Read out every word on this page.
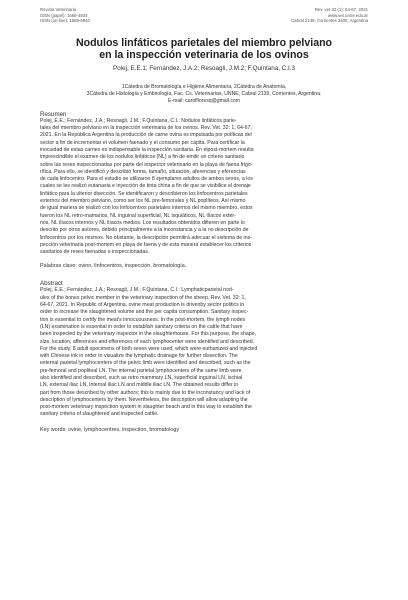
Revista Veterinaria
ISSN (papel): 1668-4834
ISSN (on-line): 1669-6840
Rev. vet 32 (1): 64-67, 2021
www.vet.unne.edu.ar
Cabral 2139, Corrientes 3400, Argentina
Nodulos linfáticos parietales del miembro pelviano
en la inspección veterinaria de los ovinos
Polej, E.E.1; Fernández, J.A.2; Resoagli, J.M.2; F.Quintana, C.I.3
1Cátedra de Bromatología e Higiene Alimentaria, 2Cátedra de Anatomía,
3Cátedra de Histología y Embriología, Fac. Cs. Veterinarias, UNNE, Cabral 2139, Corrientes, Argentina.
E-mail: carolfloresq@gmail.com
Resumen
Polej, E.E.; Fernández, J.A.; Resoagli, J.M.; F.Quintana, C.I.: Nodulos linfáticos parie-
tales del miembro pelviano en la inspección veterinaria de los ovinos. Rev. Vet. 32: 1, 64-67,
2021. En la República Argentina la producción de carne ovina es impulsada por políticas del
sector a fin de incrementar el volumen faenado y el consumo per cápita. Para certificar la
inocuidad de estas carnes es indispensable la inspección sanitaria. En elpost-mortem resulta
imprescindible el examen de los nodulos linfáticos (NL) a fin de emitir un criterio sanitario
sobre las reses inspeccionadas por parte del inspector veterinario en la playa de faena frigo-
rífica. Para ello, se identificó y describió forma, tamaño, situación, aferencias y eferencias
de cada linfocentro. Para el estudio se utilizaron 8 ejemplares adultos de ambos sexos, a los
cuales se les realizó eutanasia e inyección de tinta china a fin de que se visibilice el drenaje
linfático para la ulterior disección. Se identificaron y describieron los linfocentros parietales
externos del miembro pelviano, como ser los NL pre-femorales y NL poplíteos. Así mismo
de igual manera se realizó con los linfocentros parietales internos del mismo miembro, estos
fueron los NL retro-mamarios, NL inguinal superficial, NL isquiáticos, NL ilíacos exter-
nos, NL ilíacos internos y NL ilíacos medios. Los resultados obtenidos difieren en parte lo
descrito por otros autores, debido principalmente a la inconstancia y a la no descripción de
linfocentros por los mismos. No obstante, la descripción permitirá adecuar el sistema de ins-
pección veterinaria post-mortem en playa de faena y de esta manera establecer los criterios
sanitarios de reses faenadas e inspeccionadas.
Palabras clave: ovino, linfocentros, inspección, bromatología.
Abstract
Polej, E.E.; Fernández, J.A.; Resoagli, J.M.; F.Quintana, C.I.: Lymphaticparietal nod-
ules of the bones pelvic member in the veterinary inspection of the sheep. Rev. Vet. 32: 1,
64-67, 2021. In Republic of Argentina, ovine meat production is drivenby sector politics in
order to increase the slaughtered volume and the per capita consumption. Sanitary inspec-
tion is essential to certify the meat's innocuousness. In the post-mortem, the lymph nodes
(LN) examination is essential in order to establish sanitary criteria on the cattle that have
been inspected by the veterinary inspector in the slaughterhouse. For this purpose, the shape,
size, location, afferences and efferences of each lymphocenter were identified and described.
For the study, 8 adult specimens of both sexes were used, which were euthanized and injected
with Chinese ink in order to visualize the lymphatic drainage for further dissection. The
external parietal lymphocenters of the pelvic limb were identified and described, such as the
pre-femoral and popliteal LN. The internal parietal lymphocenters of the same limb were
also identified and described, such as retro mammary LN, superficial inguinal LN, ischial
LN, external iliac LN, internal iliac LN and middle iliac LN. The obtained results differ in
part from those described by other authors; this is mainly due to the inconstancy and lack of
description of lymphocenters by them. Nevertheless, the description will allow adapting the
post-mortem veterinary inspection system in slaughter beach and in this way to establish the
sanitary criteria of slaughtered and inspected cattle.
Key words: ovine, lymphocentres, inspection, bromatology
